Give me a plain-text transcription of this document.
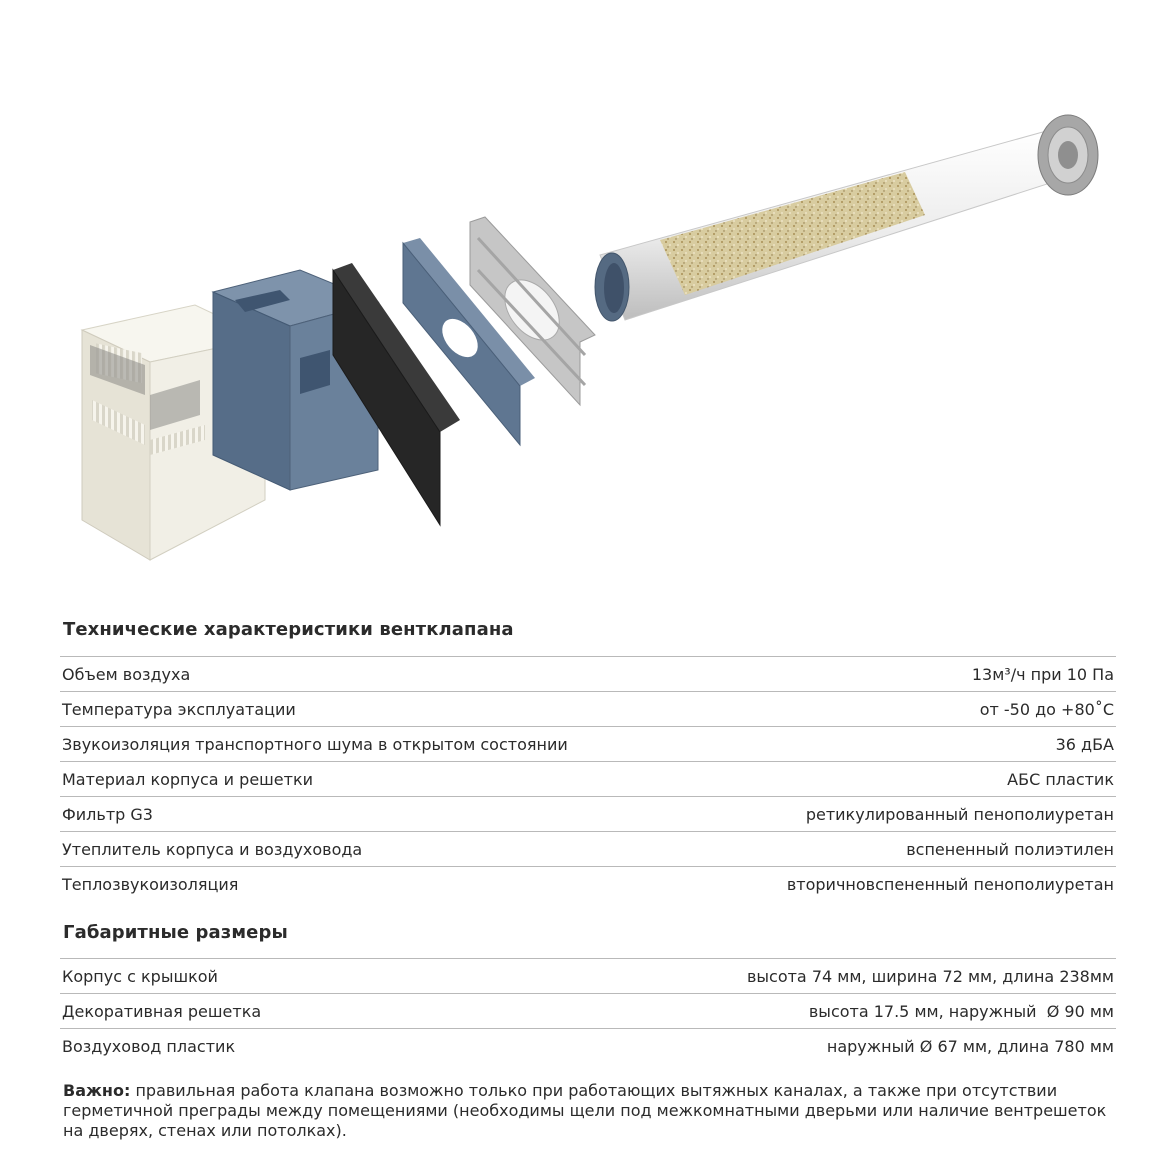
Технические характеристики вентклапана
Объем воздуха	13м³/ч при 10 Па
Температура эксплуатации	от -50 до +80˚С
Звукоизоляция транспортного шума в открытом состоянии	36 дБА
Материал корпуса и решетки	АБС пластик
Фильтр G3	ретикулированный пенополиуретан
Утеплитель корпуса и воздуховода	вспененный полиэтилен
Теплозвукоизоляция	вторичновспененный пенополиуретан
Габаритные размеры
Корпус с крышкой	высота 74 мм, ширина 72 мм, длина 238мм
Декоративная решетка	высота 17.5 мм, наружный  Ø 90 мм
Воздуховод пластик	наружный Ø 67 мм, длина 780 мм
Важно: правильная работа клапана возможно только при работающих вытяжных каналах, а также при отсутствии герметичной преграды между помещениями (необходимы щели под межкомнатными дверьми или наличие вентрешеток на дверях, стенах или потолках).
